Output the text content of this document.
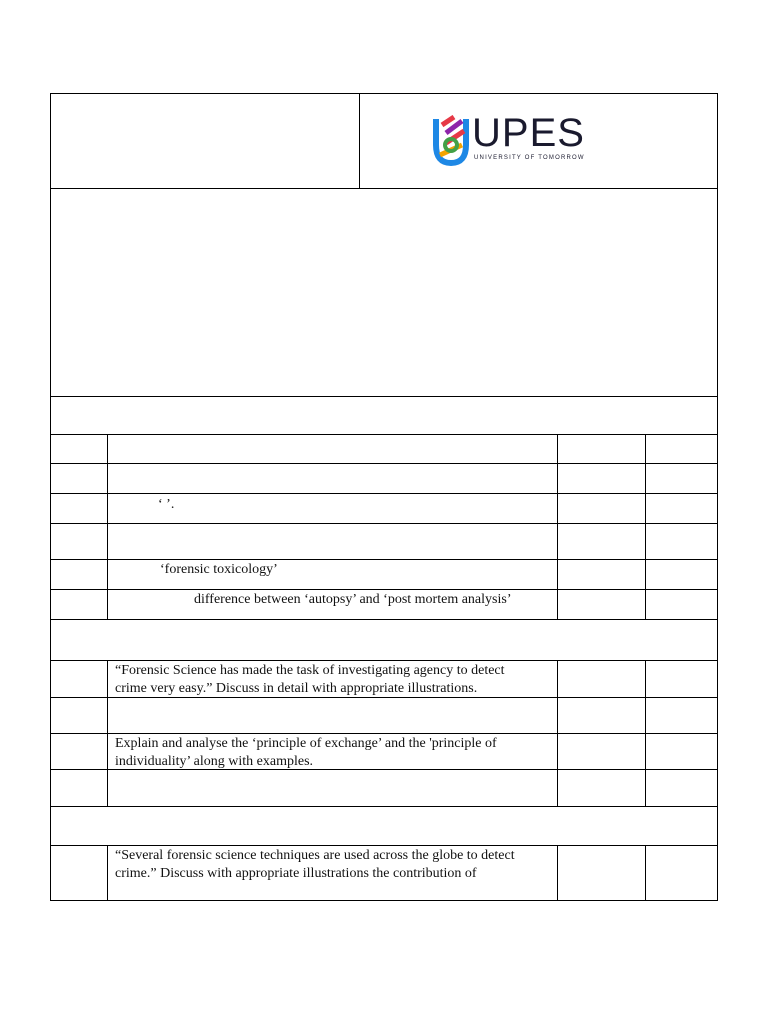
UPES
UNIVERSITY OF TOMORROW
‘ ’.
‘forensic toxicology’
difference between ‘autopsy’ and ‘post mortem analysis’
“Forensic Science has made the task of investigating agency to detect
crime very easy.” Discuss in detail with appropriate illustrations.
Explain and analyse the ‘principle of exchange’ and the 'principle of
individuality’ along with examples.
“Several forensic science techniques are used across the globe to detect
crime.” Discuss with appropriate illustrations the contribution of
